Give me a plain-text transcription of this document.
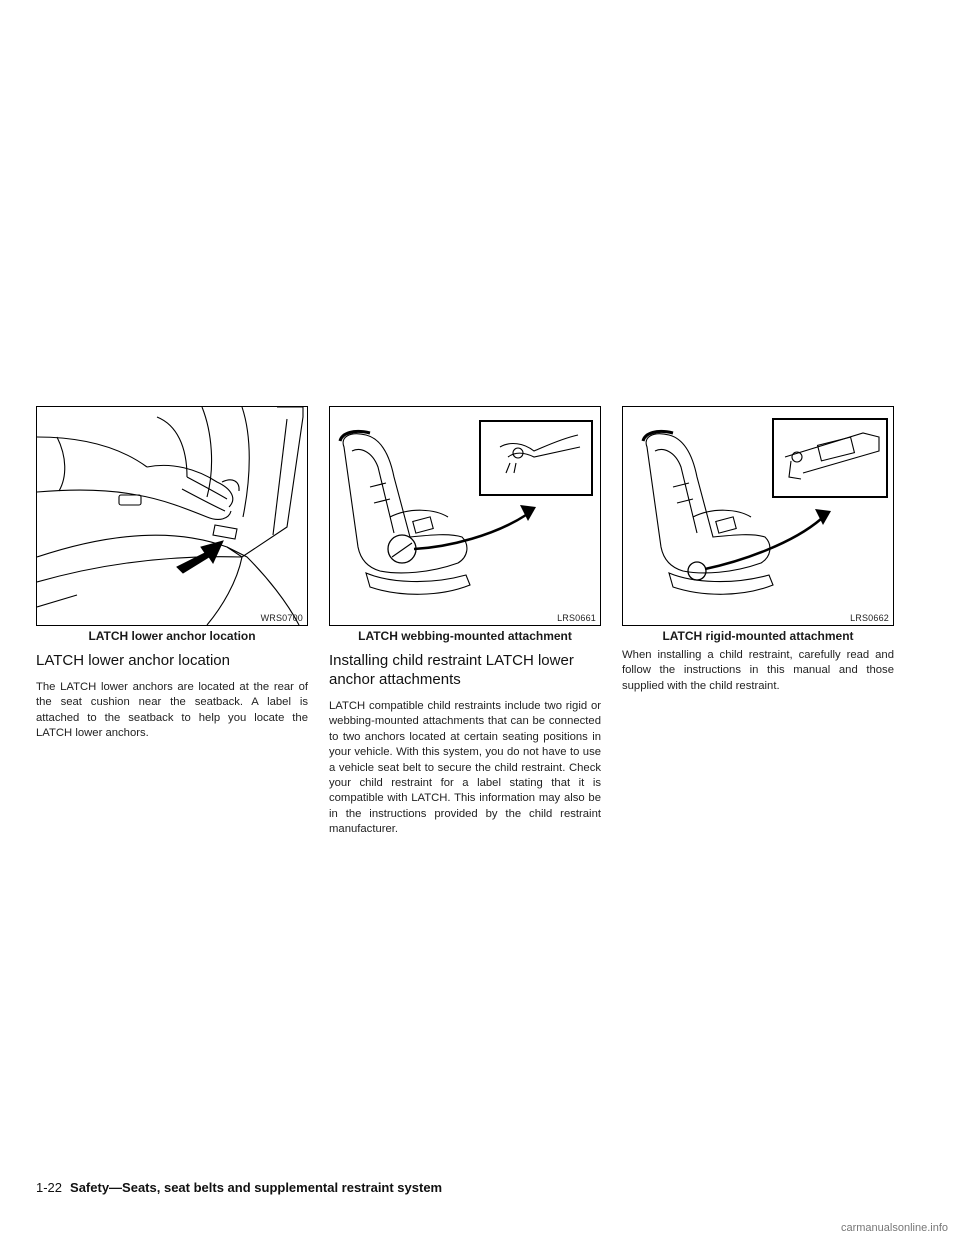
WRS0700
LATCH lower anchor location
LATCH lower anchor location

The LATCH lower anchors are located at the rear of the seat cushion near the seatback. A label is attached to the seatback to help you locate the LATCH lower anchors.

LRS0661
LATCH webbing-mounted attachment
Installing child restraint LATCH lower anchor attachments

LATCH compatible child restraints include two rigid or webbing-mounted attachments that can be connected to two anchors located at certain seating positions in your vehicle. With this system, you do not have to use a vehicle seat belt to secure the child restraint. Check your child restraint for a label stating that it is compatible with LATCH. This information may also be in the instructions provided by the child restraint manufacturer.

LRS0662
LATCH rigid-mounted attachment

When installing a child restraint, carefully read and follow the instructions in this manual and those supplied with the child restraint.

1-22 Safety—Seats, seat belts and supplemental restraint system
carmanualsonline.info
